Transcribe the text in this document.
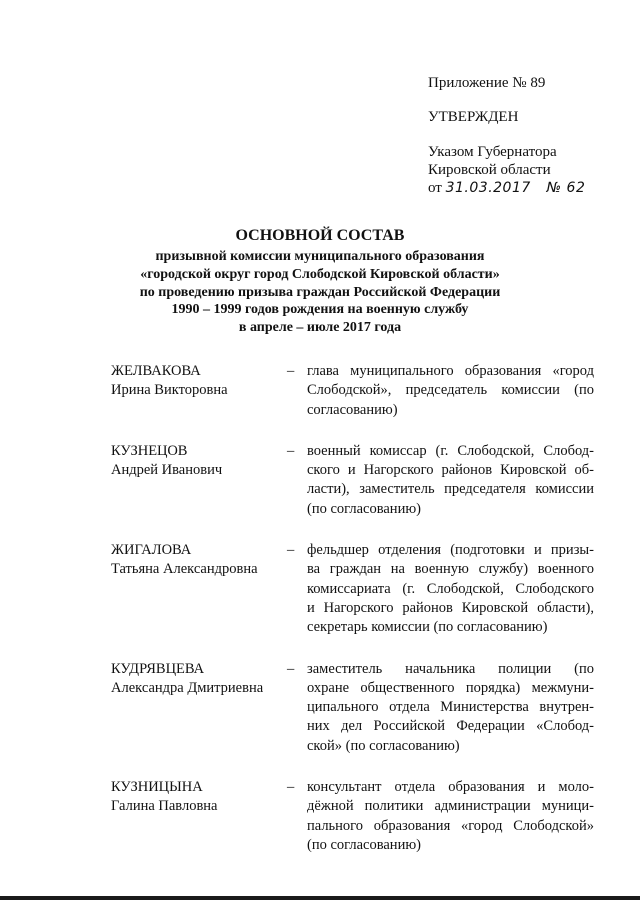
Приложение № 89
УТВЕРЖДЕН
Указом Губернатора
Кировской области
от 31.03.2017 № 62
ОСНОВНОЙ СОСТАВ
призывной комиссии муниципального образования
«городской округ город Слободской Кировской области»
по проведению призыва граждан Российской Федерации
1990 – 1999 годов рождения на военную службу
в апреле – июле 2017 года
ЖЕЛВАКОВА
Ирина Викторовна
– глава муниципального образования «город
Слободской», председатель комиссии (по
согласованию)
КУЗНЕЦОВ
Андрей Иванович
– военный комиссар (г. Слободской, Слобод-
ского и Нагорского районов Кировской об-
ласти), заместитель председателя комиссии
(по согласованию)
ЖИГАЛОВА
Татьяна Александровна
– фельдшер отделения (подготовки и призы-
ва граждан на военную службу) военного
комиссариата (г. Слободской, Слободского
и Нагорского районов Кировской области),
секретарь комиссии (по согласованию)
КУДРЯВЦЕВА
Александра Дмитриевна
– заместитель начальника полиции (по
охране общественного порядка) межмуни-
ципального отдела Министерства внутрен-
них дел Российской Федерации «Слобод-
ской» (по согласованию)
КУЗНИЦЫНА
Галина Павловна
– консультант отдела образования и моло-
дёжной политики администрации муници-
пального образования «город Слободской»
(по согласованию)
